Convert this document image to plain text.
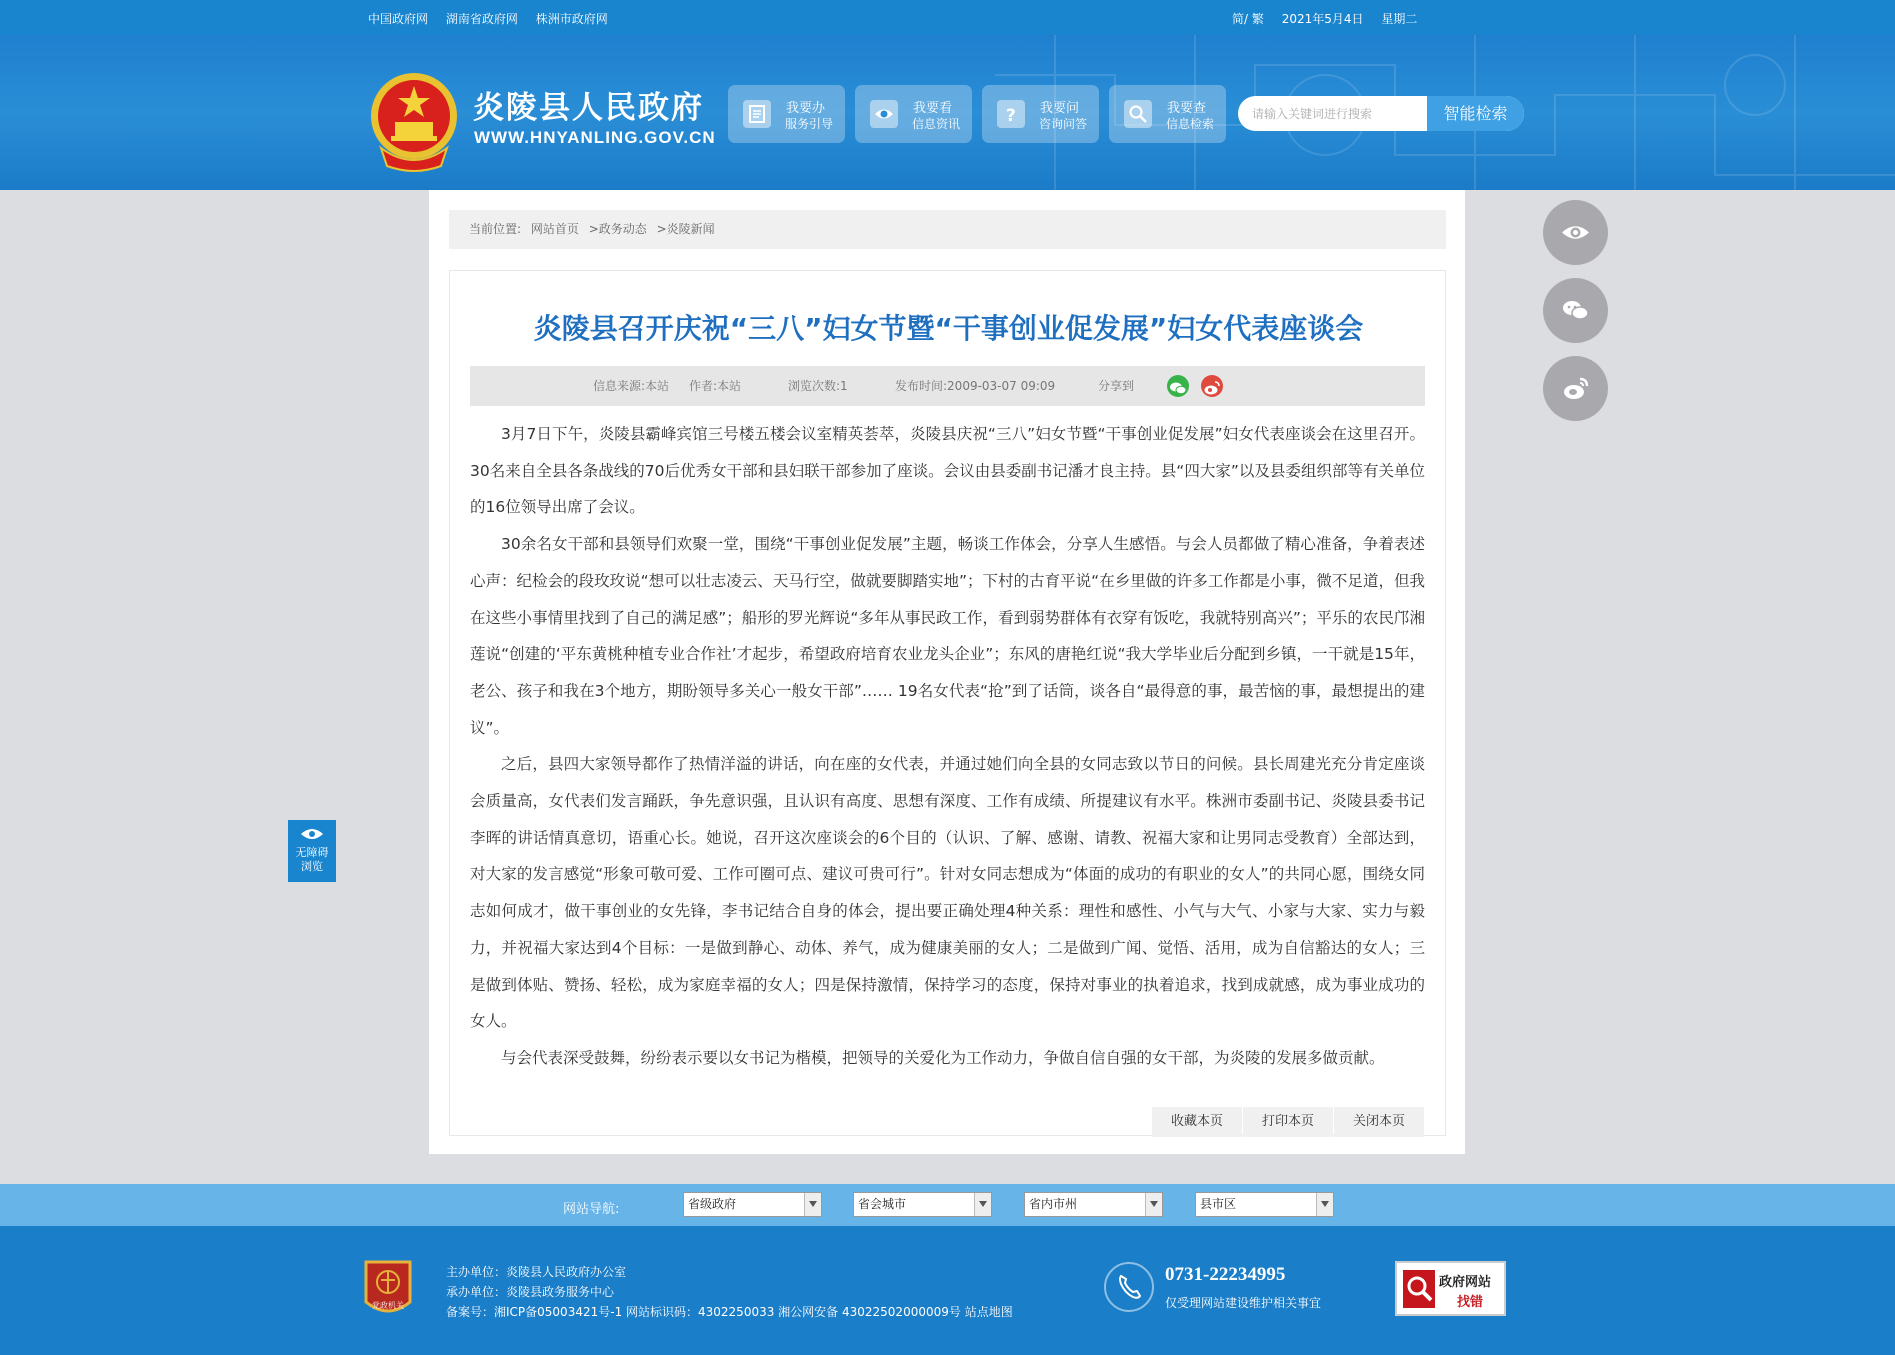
中国政府网 湖南省政府网 株洲市政府网	简/ 繁 2021年5月4日 星期二
炎陵县人民政府
WWW.HNYANLING.GOV.CN
我要办
服务引导
我要看
信息资讯	? 我要问
咨询问答
我要查
信息检索
请输入关键词进行搜索
智能检索
当前位置: 网站首页 >政务动态 >炎陵新闻
炎陵县召开庆祝“三八”妇女节暨“干事创业促发展”妇女代表座谈会
信息来源:本站 作者:本站	浏览次数:1	发布时间:2009-03-07 09:09	分享到

3月7日下午，炎陵县霸峰宾馆三号楼五楼会议室精英荟萃，炎陵县庆祝“三八”妇女节暨“干事创业促发展”妇女代表座谈会在这里召开。30名来自全县各条战线的70后优秀女干部和县妇联干部参加了座谈。会议由县委副书记潘才良主持。县“四大家”以及县委组织部等有关单位的16位领导出席了会议。

30余名女干部和县领导们欢聚一堂，围绕“干事创业促发展”主题，畅谈工作体会，分享人生感悟。与会人员都做了精心准备，争着表述心声：纪检会的段玫玫说“想可以壮志凌云、天马行空，做就要脚踏实地”；下村的古育平说“在乡里做的许多工作都是小事，微不足道，但我在这些小事情里找到了自己的满足感”；船形的罗光辉说“多年从事民政工作，看到弱势群体有衣穿有饭吃，我就特别高兴”；平乐的农民邝湘莲说“创建的‘平东黄桃种植专业合作社’才起步，希望政府培育农业龙头企业”；东风的唐艳红说“我大学毕业后分配到乡镇，一干就是15年，老公、孩子和我在3个地方，期盼领导多关心一般女干部”…… 19名女代表“抢”到了话筒，谈各自“最得意的事，最苦恼的事，最想提出的建议”。

之后，县四大家领导都作了热情洋溢的讲话，向在座的女代表，并通过她们向全县的女同志致以节日的问候。县长周建光充分肯定座谈会质量高，女代表们发言踊跃，争先意识强，且认识有高度、思想有深度、工作有成绩、所提建议有水平。株洲市委副书记、炎陵县委书记李晖的讲话情真意切，语重心长。她说，召开这次座谈会的6个目的（认识、了解、感谢、请教、祝福大家和让男同志受教育）全部达到，对大家的发言感觉“形象可敬可爱、工作可圈可点、建议可贵可行”。针对女同志想成为“体面的成功的有职业的女人”的共同心愿，围绕女同志如何成才，做干事创业的女先锋，李书记结合自身的体会，提出要正确处理4种关系：理性和感性、小气与大气、小家与大家、实力与毅力，并祝福大家达到4个目标：一是做到静心、动体、养气，成为健康美丽的女人；二是做到广闻、觉悟、活用，成为自信豁达的女人；三是做到体贴、赞扬、轻松，成为家庭幸福的女人；四是保持激情，保持学习的态度，保持对事业的执着追求，找到成就感，成为事业成功的女人。

与会代表深受鼓舞，纷纷表示要以女书记为楷模，把领导的关爱化为工作动力，争做自信自强的女干部，为炎陵的发展多做贡献。

收藏本页	打印本页	关闭本页
无障碍
浏览
网站导航:	省级政府	省会城市	省内市州	县市区
党政机关
主办单位：炎陵县人民政府办公室
承办单位：炎陵县政务服务中心
备案号：湘ICP备05003421号-1 网站标识码：4302250033 湘公网安备 43022502000009号 站点地图
0731-22234995
仅受理网站建设维护相关事宜
政府网站
找错
